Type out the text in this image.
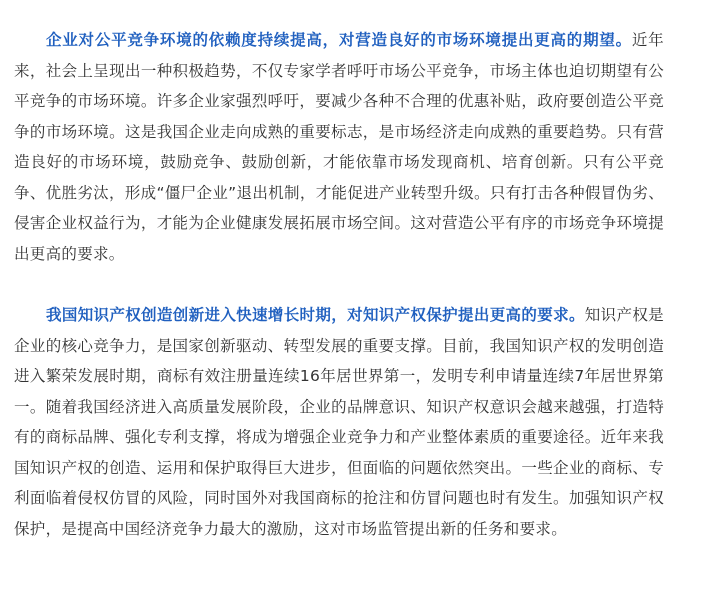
企业对公平竞争环境的依赖度持续提高，对营造良好的市场环境提出更高的期望。近年来，社会上呈现出一种积极趋势，不仅专家学者呼吁市场公平竞争，市场主体也迫切期望有公平竞争的市场环境。许多企业家强烈呼吁，要减少各种不合理的优惠补贴，政府要创造公平竞争的市场环境。这是我国企业走向成熟的重要标志，是市场经济走向成熟的重要趋势。只有营造良好的市场环境，鼓励竞争、鼓励创新，才能依靠市场发现商机、培育创新。只有公平竞争、优胜劣汰，形成“僵尸企业”退出机制，才能促进产业转型升级。只有打击各种假冒伪劣、侵害企业权益行为，才能为企业健康发展拓展市场空间。这对营造公平有序的市场竞争环境提出更高的要求。

我国知识产权创造创新进入快速增长时期，对知识产权保护提出更高的要求。知识产权是企业的核心竞争力，是国家创新驱动、转型发展的重要支撑。目前，我国知识产权的发明创造进入繁荣发展时期，商标有效注册量连续16年居世界第一，发明专利申请量连续7年居世界第一。随着我国经济进入高质量发展阶段，企业的品牌意识、知识产权意识会越来越强，打造特有的商标品牌、强化专利支撑，将成为增强企业竞争力和产业整体素质的重要途径。近年来我国知识产权的创造、运用和保护取得巨大进步，但面临的问题依然突出。一些企业的商标、专利面临着侵权仿冒的风险，同时国外对我国商标的抢注和仿冒问题也时有发生。加强知识产权保护，是提高中国经济竞争力最大的激励，这对市场监管提出新的任务和要求。
